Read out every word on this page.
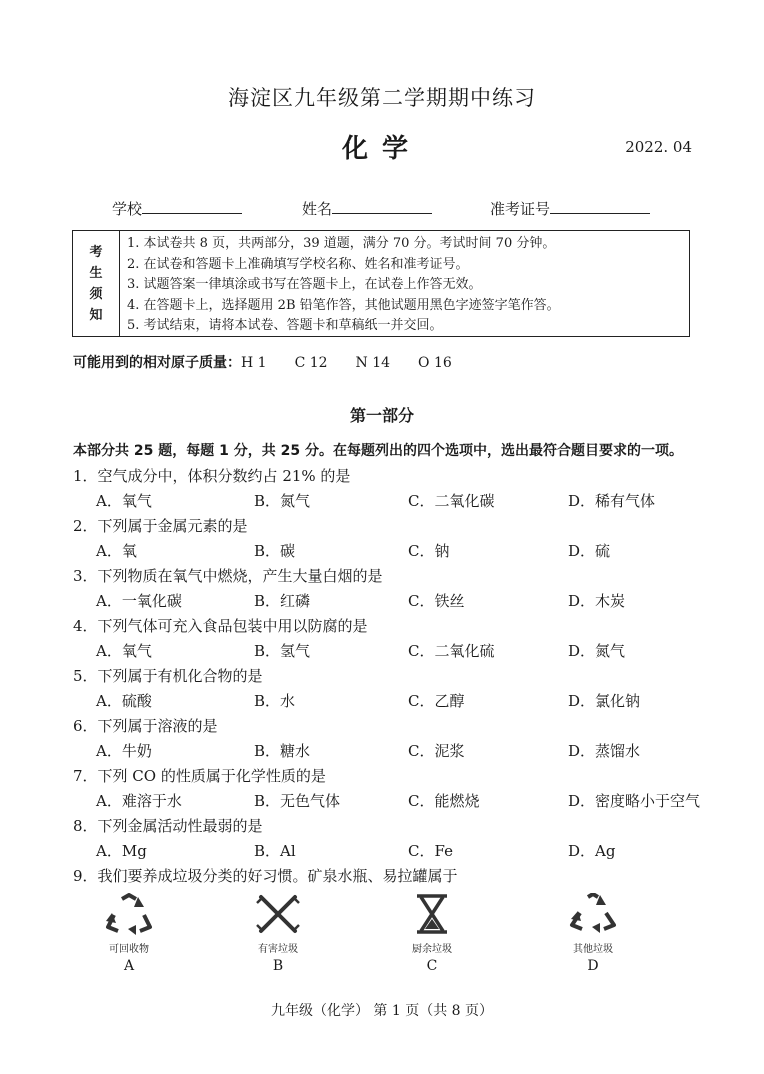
海淀区九年级第二学期期中练习
化学	2022. 04
学校	姓名	准考证号
考
生
须
知
1. 本试卷共 8 页，共两部分，39 道题，满分 70 分。考试时间 70 分钟。
2. 在试卷和答题卡上准确填写学校名称、姓名和准考证号。
3. 试题答案一律填涂或书写在答题卡上，在试卷上作答无效。
4. 在答题卡上，选择题用 2B 铅笔作答，其他试题用黑色字迹签字笔作答。
5. 考试结束，请将本试卷、答题卡和草稿纸一并交回。
可能用到的相对原子质量：H 1　　C 12　　N 14　　O 16
第一部分
本部分共 25 题，每题 1 分，共 25 分。在每题列出的四个选项中，选出最符合题目要求的一项。
1．空气成分中，体积分数约占 21% 的是
A．氧气	B．氮气	C．二氧化碳	D．稀有气体
2．下列属于金属元素的是
A．氧	B．碳	C．钠	D．硫
3．下列物质在氧气中燃烧，产生大量白烟的是
A．一氧化碳	B．红磷	C．铁丝	D．木炭
4．下列气体可充入食品包装中用以防腐的是
A．氧气	B．氢气	C．二氧化硫	D．氮气
5．下列属于有机化合物的是
A．硫酸	B．水	C．乙醇	D．氯化钠
6．下列属于溶液的是
A．牛奶	B．糖水	C．泥浆	D．蒸馏水
7．下列 CO 的性质属于化学性质的是
A．难溶于水	B．无色气体	C．能燃烧	D．密度略小于空气
8．下列金属活动性最弱的是
A．Mg	B．Al	C．Fe	D．Ag
9．我们要养成垃圾分类的好习惯。矿泉水瓶、易拉罐属于
可回收物	有害垃圾	厨余垃圾	其他垃圾
A	B	C	D
九年级（化学） 第 1 页（共 8 页）
